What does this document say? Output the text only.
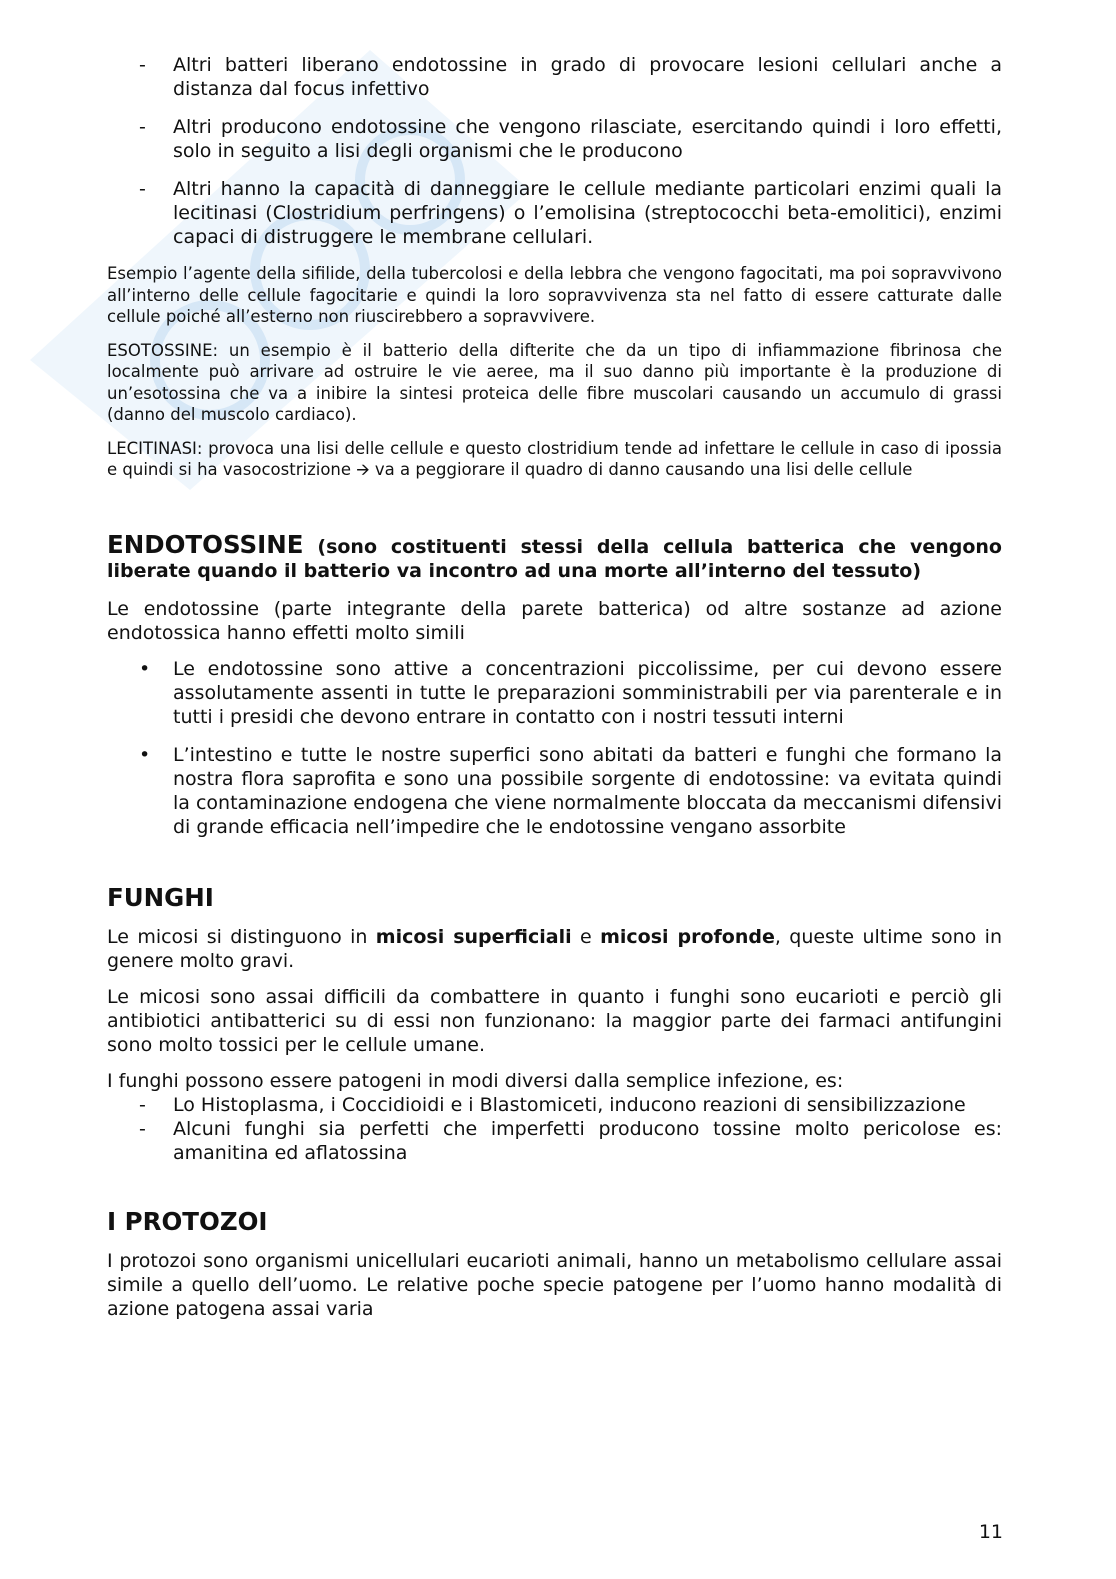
- Altri batteri liberano endotossine in grado di provocare lesioni cellulari anche a distanza dal focus infettivo
- Altri producono endotossine che vengono rilasciate, esercitando quindi i loro effetti, solo in seguito a lisi degli organismi che le producono
- Altri hanno la capacità di danneggiare le cellule mediante particolari enzimi quali la lecitinasi (Clostridium perfringens) o l’emolisina (streptococchi beta-emolitici), enzimi capaci di distruggere le membrane cellulari.

Esempio l’agente della sifilide, della tubercolosi e della lebbra che vengono fagocitati, ma poi sopravvivono all’interno delle cellule fagocitarie e quindi la loro sopravvivenza sta nel fatto di essere catturate dalle cellule poiché all’esterno non riuscirebbero a sopravvivere.

ESOTOSSINE: un esempio è il batterio della difterite che da un tipo di infiammazione fibrinosa che localmente può arrivare ad ostruire le vie aeree, ma il suo danno più importante è la produzione di un’esotossina che va a inibire la sintesi proteica delle fibre muscolari causando un accumulo di grassi (danno del muscolo cardiaco).

LECITINASI: provoca una lisi delle cellule e questo clostridium tende ad infettare le cellule in caso di ipossia e quindi si ha vasocostrizione 🡪 va a peggiorare il quadro di danno causando una lisi delle cellule

ENDOTOSSINE (sono costituenti stessi della cellula batterica che vengono liberate quando il batterio va incontro ad una morte all’interno del tessuto)

Le endotossine (parte integrante della parete batterica) od altre sostanze ad azione endotossica hanno effetti molto simili

• Le endotossine sono attive a concentrazioni piccolissime, per cui devono essere assolutamente assenti in tutte le preparazioni somministrabili per via parenterale e in tutti i presidi che devono entrare in contatto con i nostri tessuti interni
• L’intestino e tutte le nostre superfici sono abitati da batteri e funghi che formano la nostra flora saprofita e sono una possibile sorgente di endotossine: va evitata quindi la contaminazione endogena che viene normalmente bloccata da meccanismi difensivi di grande efficacia nell’impedire che le endotossine vengano assorbite
FUNGHI

Le micosi si distinguono in micosi superficiali e micosi profonde, queste ultime sono in genere molto gravi.

Le micosi sono assai difficili da combattere in quanto i funghi sono eucarioti e perciò gli antibiotici antibatterici su di essi non funzionano: la maggior parte dei farmaci antifungini sono molto tossici per le cellule umane.

I funghi possono essere patogeni in modi diversi dalla semplice infezione, es:

- Lo Histoplasma, i Coccidioidi e i Blastomiceti, inducono reazioni di sensibilizzazione
- Alcuni funghi sia perfetti che imperfetti producono tossine molto pericolose es: amanitina ed aflatossina
I PROTOZOI

I protozoi sono organismi unicellulari eucarioti animali, hanno un metabolismo cellulare assai simile a quello dell’uomo. Le relative poche specie patogene per l’uomo hanno modalità di azione patogena assai varia

11
